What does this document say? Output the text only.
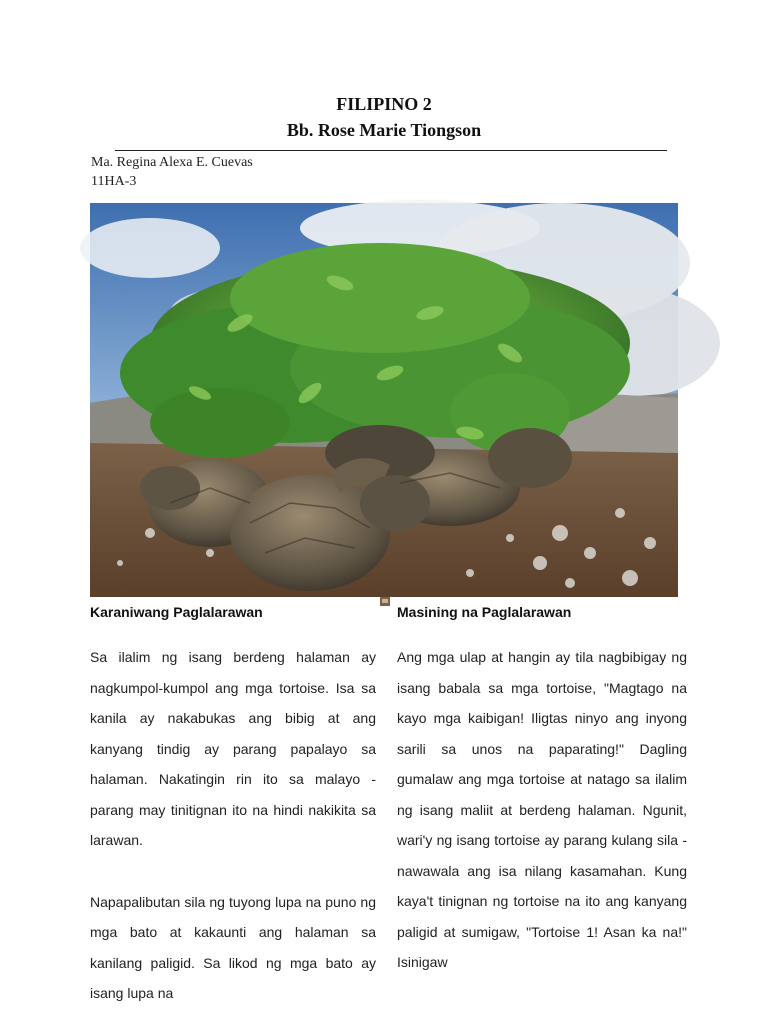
FILIPINO 2
Bb. Rose Marie Tiongson
Ma. Regina Alexa E. Cuevas
11HA-3
Karaniwang Paglalarawan

Sa ilalim ng isang berdeng halaman ay nagkumpol-kumpol ang mga tortoise. Isa sa kanila ay nakabukas ang bibig at ang kanyang tindig ay parang papalayo sa halaman. Nakatingin rin ito sa malayo - parang may tinitignan ito na hindi nakikita sa larawan.

Napapalibutan sila ng tuyong lupa na puno ng mga bato at kakaunti ang halaman sa kanilang paligid. Sa likod ng mga bato ay isang lupa na

Masining na Paglalarawan

Ang mga ulap at hangin ay tila nagbibigay ng isang babala sa mga tortoise, "Magtago na kayo mga kaibigan! Iligtas ninyo ang inyong sarili sa unos na paparating!" Dagling gumalaw ang mga tortoise at natago sa ilalim ng isang maliit at berdeng halaman. Ngunit, wari'y ng isang tortoise ay parang kulang sila - nawawala ang isa nilang kasamahan. Kung kaya't tinignan ng tortoise na ito ang kanyang paligid at sumigaw, "Tortoise 1! Asan ka na!" Isinigaw
